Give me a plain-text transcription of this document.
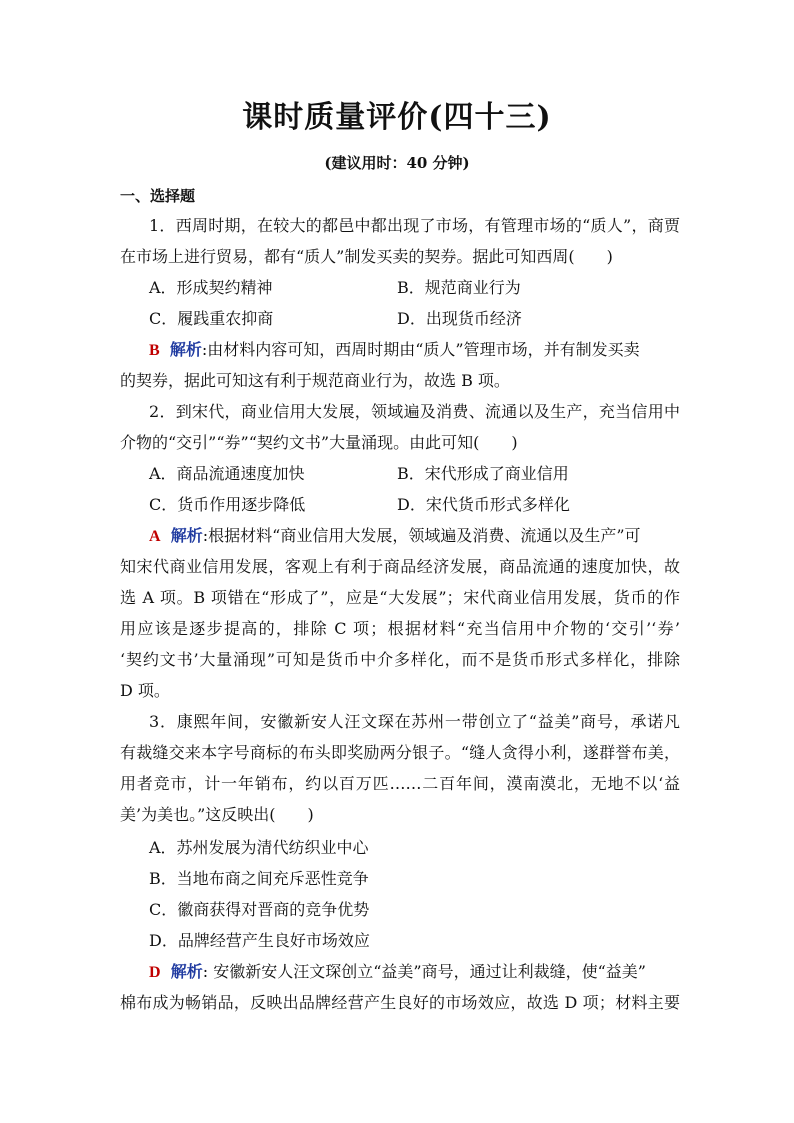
课时质量评价(四十三)
(建议用时：40 分钟)
一、选择题
1．西周时期，在较大的都邑中都出现了市场，有管理市场的“质人”，商贾
在市场上进行贸易，都有“质人”制发买卖的契券。据此可知西周(　　)
A．形成契约精神	B．规范商业行为
C．履践重农抑商	D．出现货币经济
B 解析:由材料内容可知，西周时期由“质人”管理市场，并有制发买卖
的契券，据此可知这有利于规范商业行为，故选 B 项。
2．到宋代，商业信用大发展，领域遍及消费、流通以及生产，充当信用中
介物的“交引”“券”“契约文书”大量涌现。由此可知(　　)
A．商品流通速度加快	B．宋代形成了商业信用
C．货币作用逐步降低	D．宋代货币形式多样化
A 解析:根据材料“商业信用大发展，领域遍及消费、流通以及生产”可
知宋代商业信用发展，客观上有利于商品经济发展，商品流通的速度加快，故
选 A 项。B 项错在“形成了”，应是“大发展”；宋代商业信用发展，货币的作
用应该是逐步提高的，排除 C 项；根据材料“充当信用中介物的‘交引’‘券’
‘契约文书’大量涌现”可知是货币中介多样化，而不是货币形式多样化，排除
D 项。
3．康熙年间，安徽新安人汪文琛在苏州一带创立了“益美”商号，承诺凡
有裁缝交来本字号商标的布头即奖励两分银子。“缝人贪得小利，遂群誉布美，
用者竞市，计一年销布，约以百万匹……二百年间，漠南漠北，无地不以‘益
美’为美也。”这反映出(　　)
A．苏州发展为清代纺织业中心
B．当地布商之间充斥恶性竞争
C．徽商获得对晋商的竞争优势
D．品牌经营产生良好市场效应
D 解析: 安徽新安人汪文琛创立“益美”商号，通过让利裁缝，使“益美”
棉布成为畅销品，反映出品牌经营产生良好的市场效应，故选 D 项；材料主要
